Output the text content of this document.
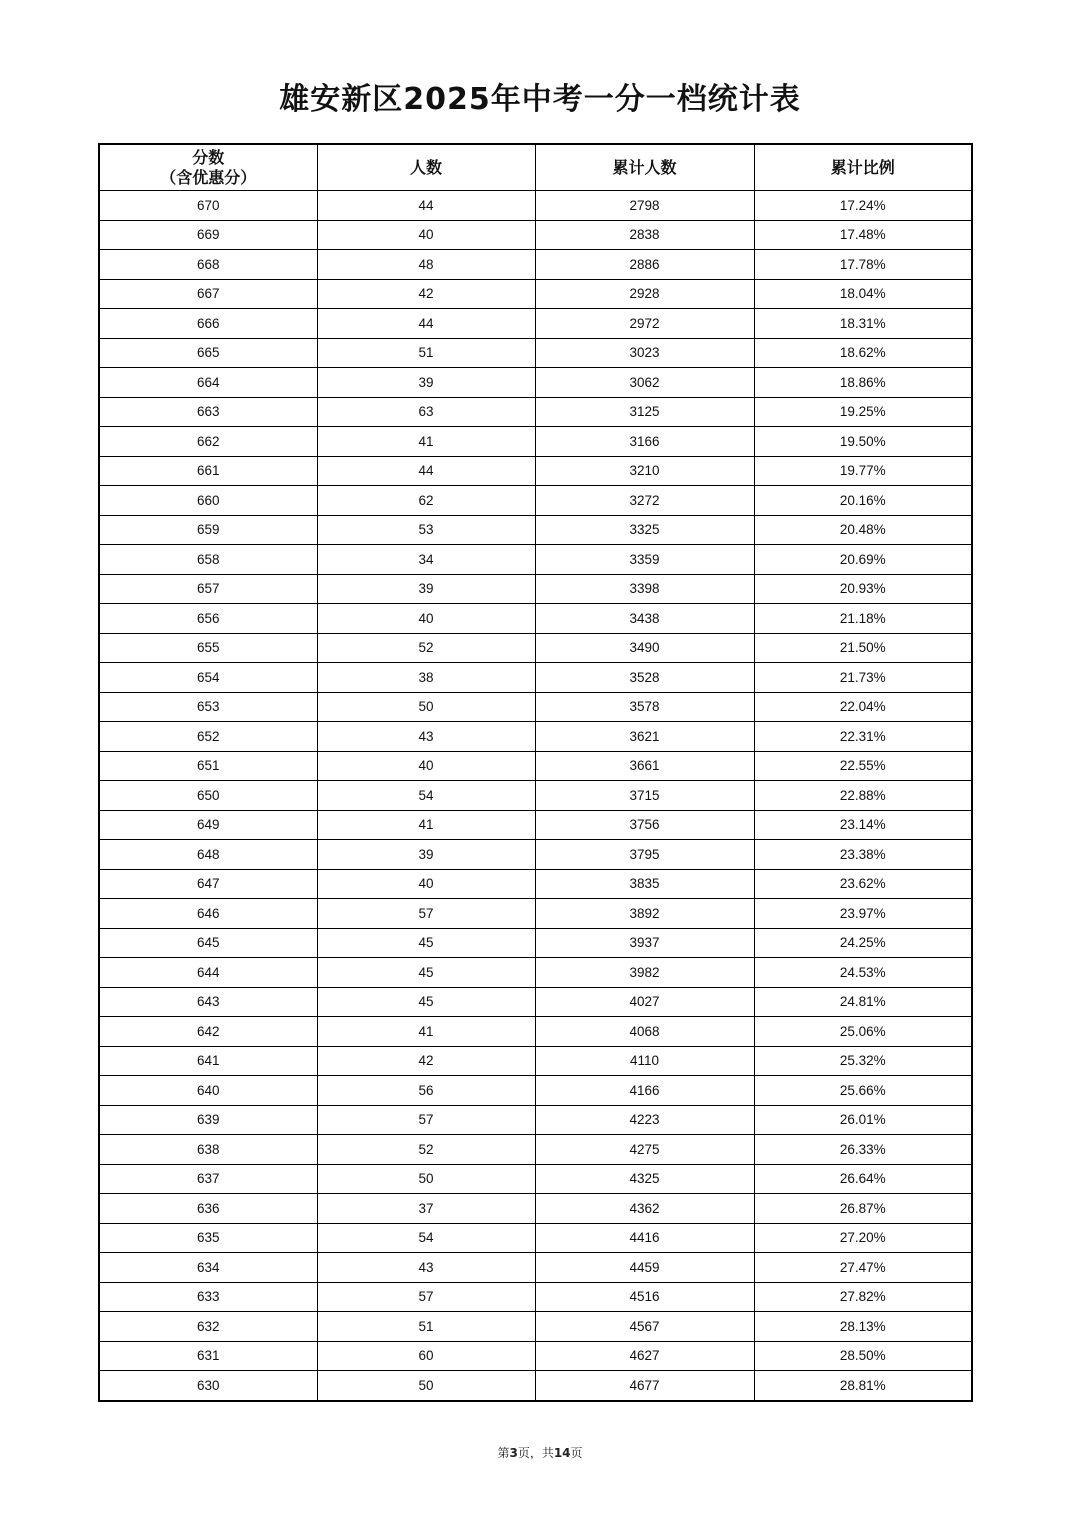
雄安新区2025年中考一分一档统计表
分数
（含优惠分）	人数	累计人数	累计比例
670	44	2798	17.24%
669	40	2838	17.48%
668	48	2886	17.78%
667	42	2928	18.04%
666	44	2972	18.31%
665	51	3023	18.62%
664	39	3062	18.86%
663	63	3125	19.25%
662	41	3166	19.50%
661	44	3210	19.77%
660	62	3272	20.16%
659	53	3325	20.48%
658	34	3359	20.69%
657	39	3398	20.93%
656	40	3438	21.18%
655	52	3490	21.50%
654	38	3528	21.73%
653	50	3578	22.04%
652	43	3621	22.31%
651	40	3661	22.55%
650	54	3715	22.88%
649	41	3756	23.14%
648	39	3795	23.38%
647	40	3835	23.62%
646	57	3892	23.97%
645	45	3937	24.25%
644	45	3982	24.53%
643	45	4027	24.81%
642	41	4068	25.06%
641	42	4110	25.32%
640	56	4166	25.66%
639	57	4223	26.01%
638	52	4275	26.33%
637	50	4325	26.64%
636	37	4362	26.87%
635	54	4416	27.20%
634	43	4459	27.47%
633	57	4516	27.82%
632	51	4567	28.13%
631	60	4627	28.50%
630	50	4677	28.81%
第3页，共14页
